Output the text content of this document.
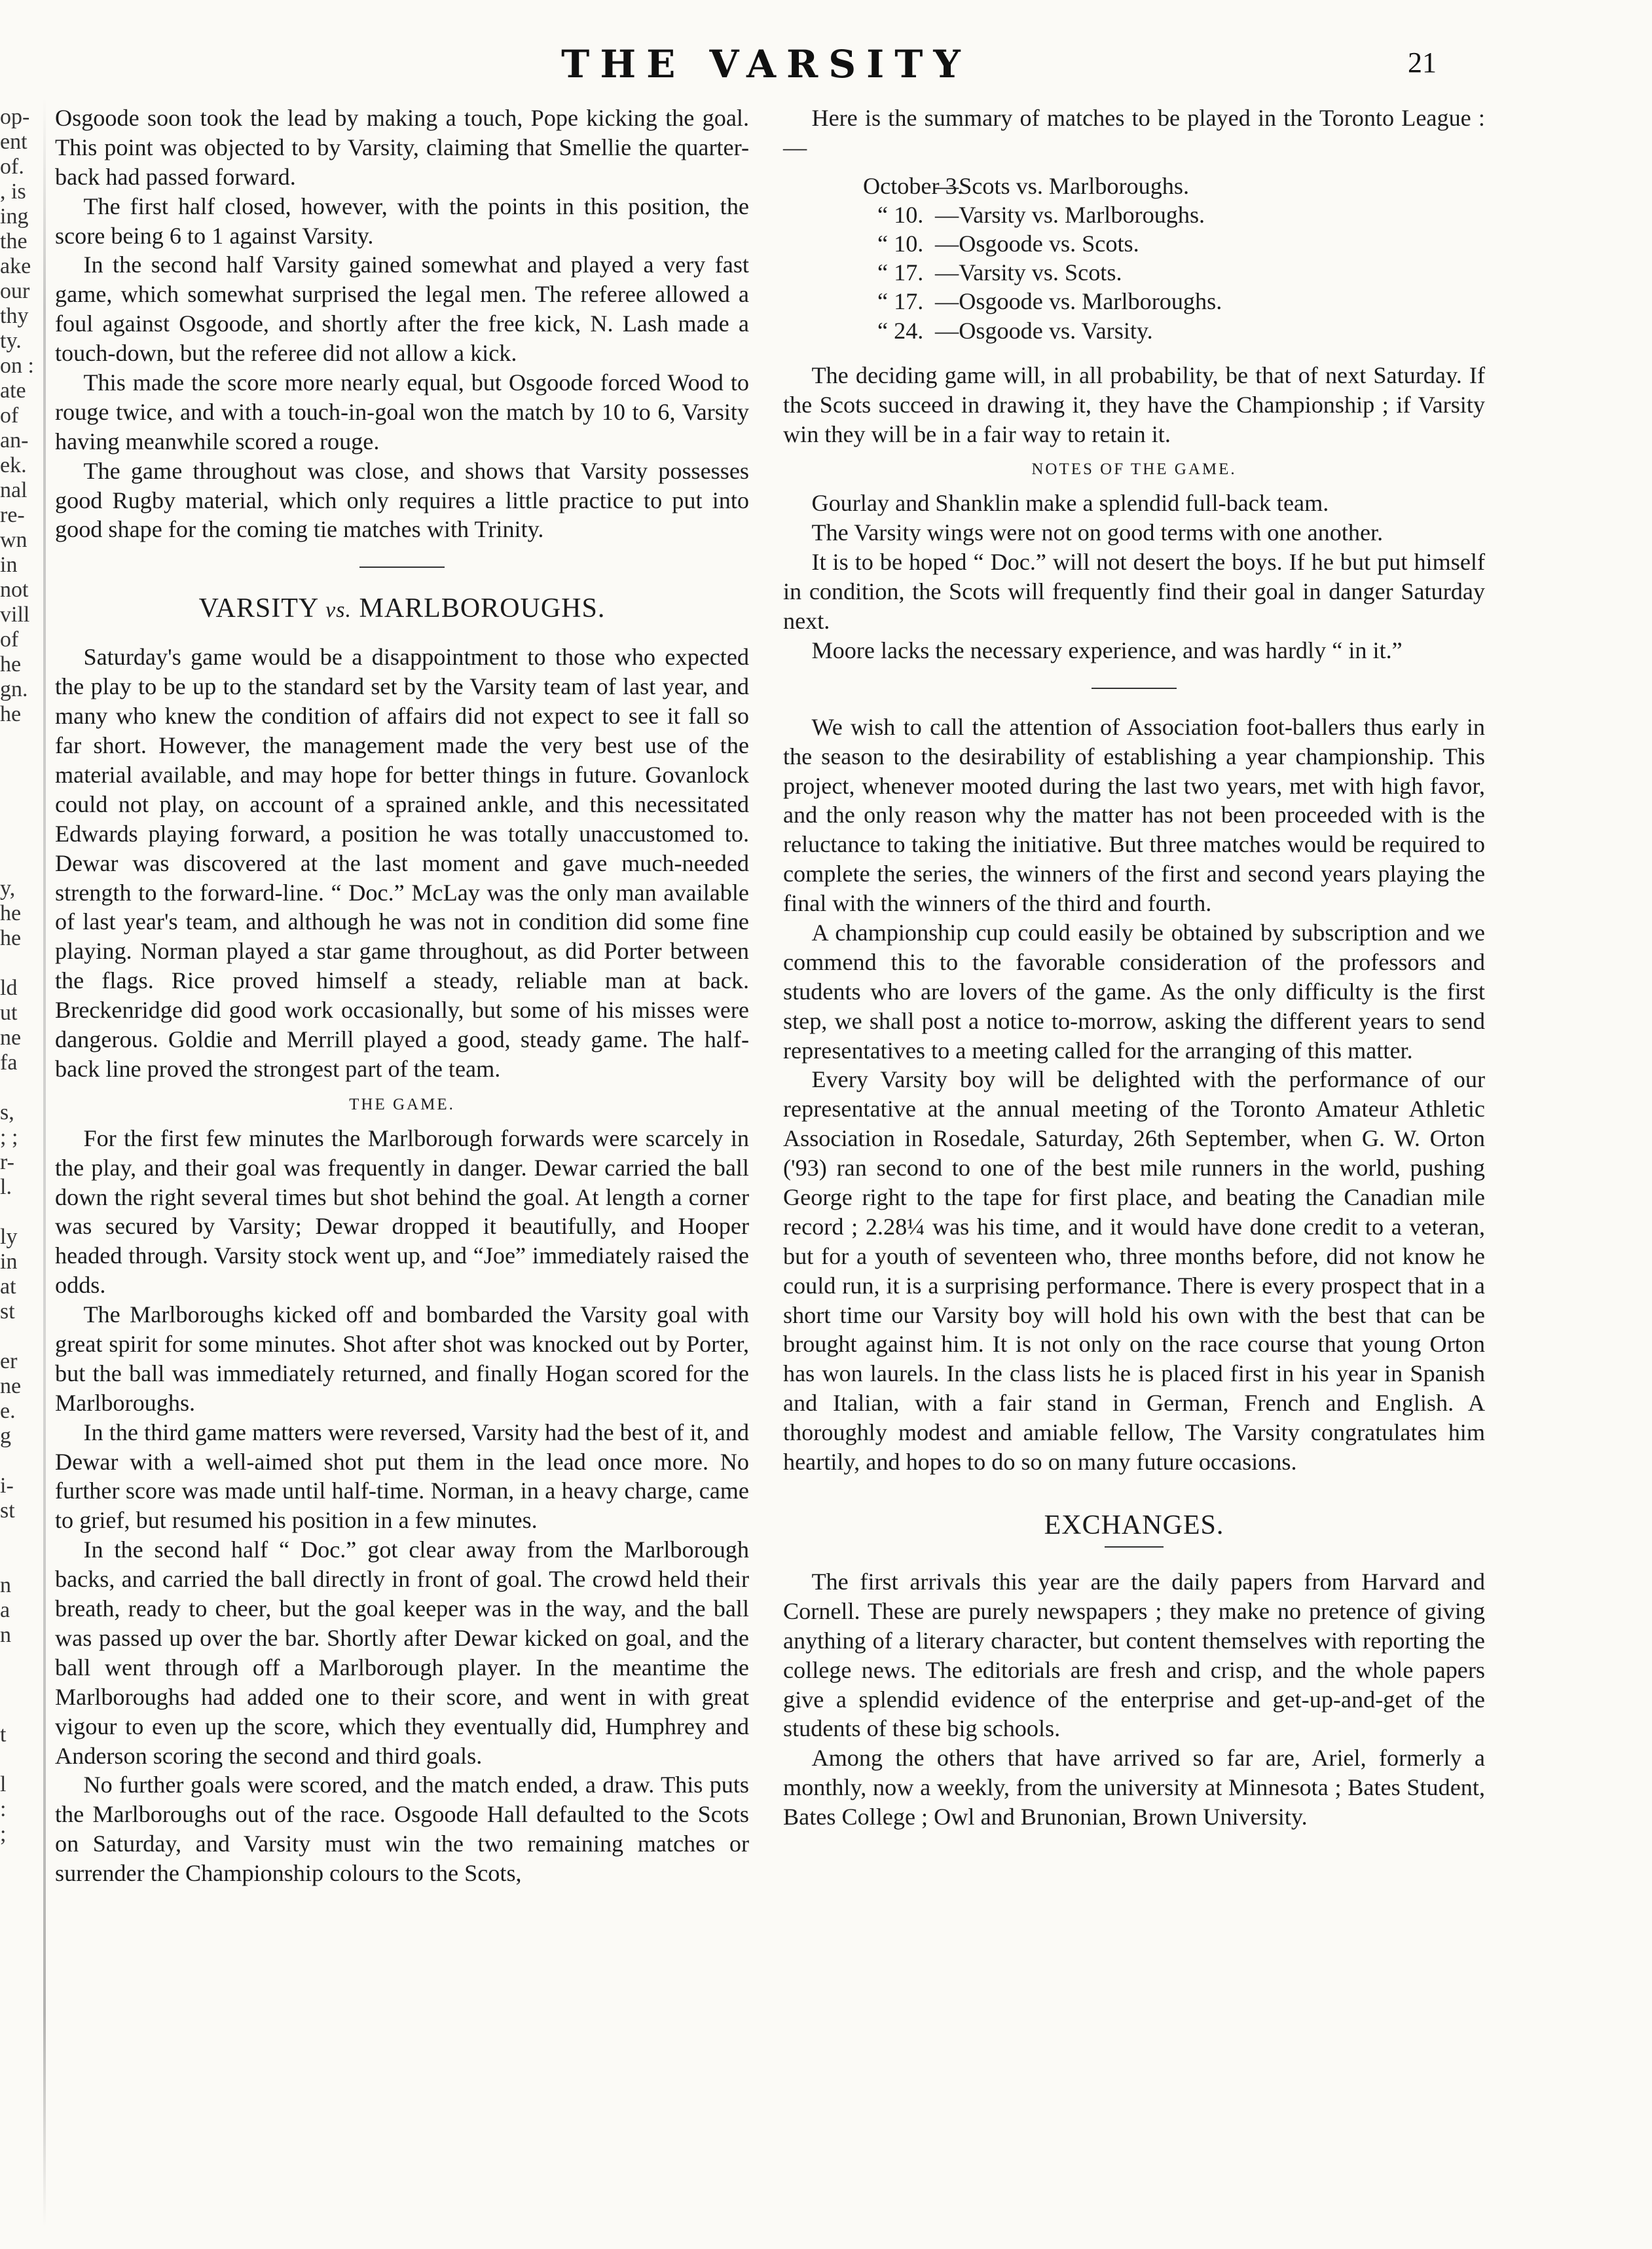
op-
ent
of.
, is
ing
the
ake
our
thy
ty.
on :
ate
of
an-
ek.
nal
re-
wn
in
not
vill
of
he
gn.
he
y,
he
he
ld
ut
ne
fa
s,
; ;
r-
l.
ly
in
at
st
er
ne
e.
g
i-
st
n
a
n
t
l
:
;
THE VARSITY	21

Osgoode soon took the lead by making a touch, Pope kicking the goal. This point was objected to by Varsity, claiming that Smellie the quarter-back had passed forward.

The first half closed, however, with the points in this position, the score being 6 to 1 against Varsity.

In the second half Varsity gained somewhat and played a very fast game, which somewhat surprised the legal men. The referee allowed a foul against Osgoode, and shortly after the free kick, N. Lash made a touch-down, but the referee did not allow a kick.

This made the score more nearly equal, but Osgoode forced Wood to rouge twice, and with a touch-in-goal won the match by 10 to 6, Varsity having meanwhile scored a rouge.

The game throughout was close, and shows that Varsity possesses good Rugby material, which only requires a little practice to put into good shape for the coming tie matches with Trinity.

VARSITY vs. MARLBOROUGHS.

Saturday's game would be a disappointment to those who expected the play to be up to the standard set by the Varsity team of last year, and many who knew the condition of affairs did not expect to see it fall so far short. However, the management made the very best use of the material available, and may hope for better things in future. Govanlock could not play, on account of a sprained ankle, and this necessitated Edwards playing forward, a position he was totally unaccustomed to. Dewar was discovered at the last moment and gave much-needed strength to the forward-line. “ Doc.” McLay was the only man available of last year's team, and although he was not in condition did some fine playing. Norman played a star game throughout, as did Porter between the flags. Rice proved himself a steady, reliable man at back. Breckenridge did good work occasionally, but some of his misses were dangerous. Goldie and Merrill played a good, steady game. The half-back line proved the strongest part of the team.

THE GAME.

For the first few minutes the Marlborough forwards were scarcely in the play, and their goal was frequently in danger. Dewar carried the ball down the right several times but shot behind the goal. At length a corner was secured by Varsity; Dewar dropped it beautifully, and Hooper headed through. Varsity stock went up, and “Joe” immediately raised the odds.

The Marlboroughs kicked off and bombarded the Varsity goal with great spirit for some minutes. Shot after shot was knocked out by Porter, but the ball was immediately returned, and finally Hogan scored for the Marlboroughs.

In the third game matters were reversed, Varsity had the best of it, and Dewar with a well-aimed shot put them in the lead once more. No further score was made until half-time. Norman, in a heavy charge, came to grief, but resumed his position in a few minutes.

In the second half “ Doc.” got clear away from the Marlborough backs, and carried the ball directly in front of goal. The crowd held their breath, ready to cheer, but the goal keeper was in the way, and the ball was passed up over the bar. Shortly after Dewar kicked on goal, and the ball went through off a Marlborough player. In the meantime the Marlboroughs had added one to their score, and went in with great vigour to even up the score, which they eventually did, Humphrey and Anderson scoring the second and third goals.

No further goals were scored, and the match ended, a draw. This puts the Marlboroughs out of the race. Osgoode Hall defaulted to the Scots on Saturday, and Varsity must win the two remaining matches or surrender the Championship colours to the Scots,

Here is the summary of matches to be played in the Toronto League :—

October 3.
—Scots vs. Marlboroughs.
“ 10. —Varsity vs. Marlboroughs.
“ 10. —Osgoode vs. Scots.
“ 17. —Varsity vs. Scots.
“ 17. —Osgoode vs. Marlboroughs.
“ 24. —Osgoode vs. Varsity.

The deciding game will, in all probability, be that of next Saturday. If the Scots succeed in drawing it, they have the Championship ; if Varsity win they will be in a fair way to retain it.

NOTES OF THE GAME.

Gourlay and Shanklin make a splendid full-back team.

The Varsity wings were not on good terms with one another.

It is to be hoped “ Doc.” will not desert the boys. If he but put himself in condition, the Scots will frequently find their goal in danger Saturday next.

Moore lacks the necessary experience, and was hardly “ in it.”

We wish to call the attention of Association foot-ballers thus early in the season to the desirability of establishing a year championship. This project, whenever mooted during the last two years, met with high favor, and the only reason why the matter has not been proceeded with is the reluctance to taking the initiative. But three matches would be required to complete the series, the winners of the first and second years playing the final with the winners of the third and fourth.

A championship cup could easily be obtained by subscription and we commend this to the favorable consideration of the professors and students who are lovers of the game. As the only difficulty is the first step, we shall post a notice to-morrow, asking the different years to send representatives to a meeting called for the arranging of this matter.

Every Varsity boy will be delighted with the performance of our representative at the annual meeting of the Toronto Amateur Athletic Association in Rosedale, Saturday, 26th September, when G. W. Orton ('93) ran second to one of the best mile runners in the world, pushing George right to the tape for first place, and beating the Canadian mile record ; 2.28¼ was his time, and it would have done credit to a veteran, but for a youth of seventeen who, three months before, did not know he could run, it is a surprising performance. There is every prospect that in a short time our Varsity boy will hold his own with the best that can be brought against him. It is not only on the race course that young Orton has won laurels. In the class lists he is placed first in his year in Spanish and Italian, with a fair stand in German, French and English. A thoroughly modest and amiable fellow, The Varsity congratulates him heartily, and hopes to do so on many future occasions.

EXCHANGES.

The first arrivals this year are the daily papers from Harvard and Cornell. These are purely newspapers ; they make no pretence of giving anything of a literary character, but content themselves with reporting the college news. The editorials are fresh and crisp, and the whole papers give a splendid evidence of the enterprise and get-up-and-get of the students of these big schools.

Among the others that have arrived so far are, Ariel, formerly a monthly, now a weekly, from the university at Minnesota ; Bates Student, Bates College ; Owl and Brunonian, Brown University.
